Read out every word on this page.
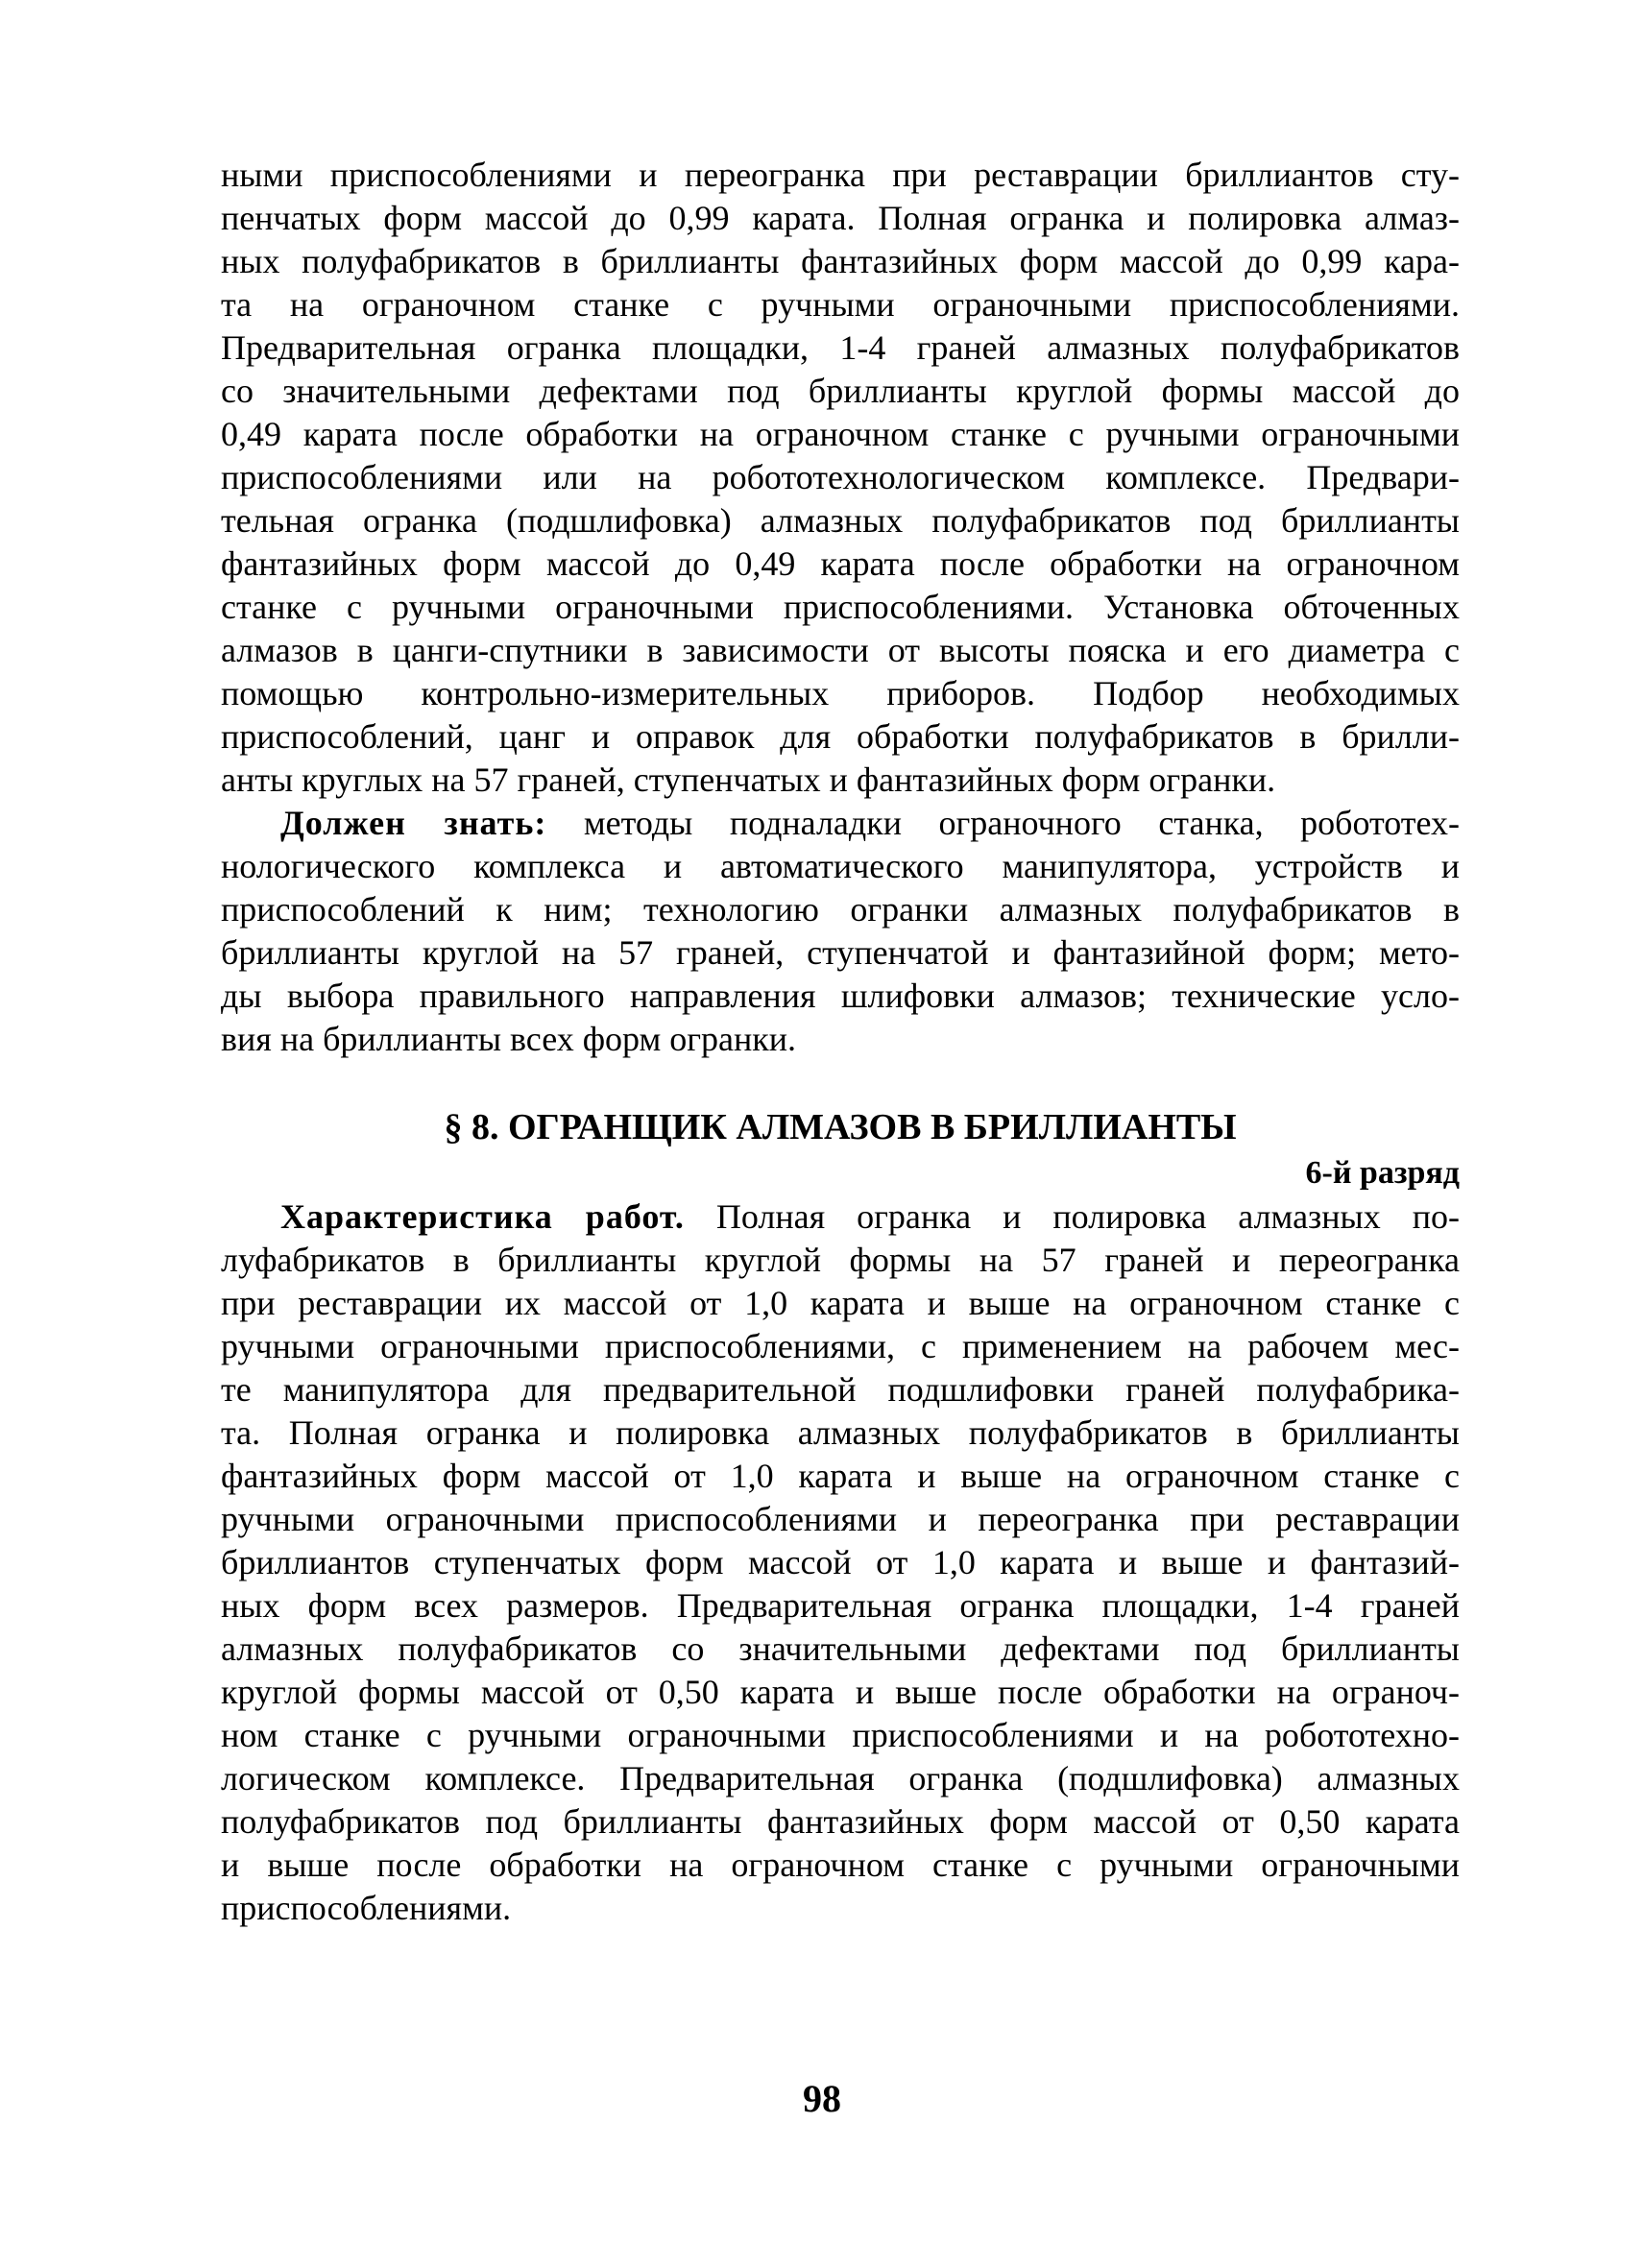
ными приспособлениями и переогранка при реставрации бриллиантов сту-
пенчатых форм массой до 0,99 карата. Полная огранка и полировка алмаз-
ных полуфабрикатов в бриллианты фантазийных форм массой до 0,99 кара-
та на ограночном станке с ручными ограночными приспособлениями.
Предварительная огранка площадки, 1-4 граней алмазных полуфабрикатов
со значительными дефектами под бриллианты круглой формы массой до
0,49 карата после обработки на ограночном станке с ручными ограночными
приспособлениями или на робототехнологическом комплексе. Предвари-
тельная огранка (подшлифовка) алмазных полуфабрикатов под бриллианты
фантазийных форм массой до 0,49 карата после обработки на ограночном
станке с ручными ограночными приспособлениями. Установка обточенных
алмазов в цанги-спутники в зависимости от высоты пояска и его диаметра с
помощью контрольно-измерительных приборов. Подбор необходимых
приспособлений, цанг и оправок для обработки полуфабрикатов в брилли-
анты круглых на 57 граней, ступенчатых и фантазийных форм огранки.
Должен знать: методы подналадки ограночного станка, робототех-
нологического комплекса и автоматического манипулятора, устройств и
приспособлений к ним; технологию огранки алмазных полуфабрикатов в
бриллианты круглой на 57 граней, ступенчатой и фантазийной форм; мето-
ды выбора правильного направления шлифовки алмазов; технические усло-
вия на бриллианты всех форм огранки.
§ 8. ОГРАНЩИК АЛМАЗОВ В БРИЛЛИАНТЫ
6-й разряд
Характеристика работ. Полная огранка и полировка алмазных по-
луфабрикатов в бриллианты круглой формы на 57 граней и переогранка
при реставрации их массой от 1,0 карата и выше на ограночном станке с
ручными ограночными приспособлениями, с применением на рабочем мес-
те манипулятора для предварительной подшлифовки граней полуфабрика-
та. Полная огранка и полировка алмазных полуфабрикатов в бриллианты
фантазийных форм массой от 1,0 карата и выше на ограночном станке с
ручными ограночными приспособлениями и переогранка при реставрации
бриллиантов ступенчатых форм массой от 1,0 карата и выше и фантазий-
ных форм всех размеров. Предварительная огранка площадки, 1-4 граней
алмазных полуфабрикатов со значительными дефектами под бриллианты
круглой формы массой от 0,50 карата и выше после обработки на ограноч-
ном станке с ручными ограночными приспособлениями и на робототехно-
логическом комплексе. Предварительная огранка (подшлифовка) алмазных
полуфабрикатов под бриллианты фантазийных форм массой от 0,50 карата
и выше после обработки на ограночном станке с ручными ограночными
приспособлениями.
98
